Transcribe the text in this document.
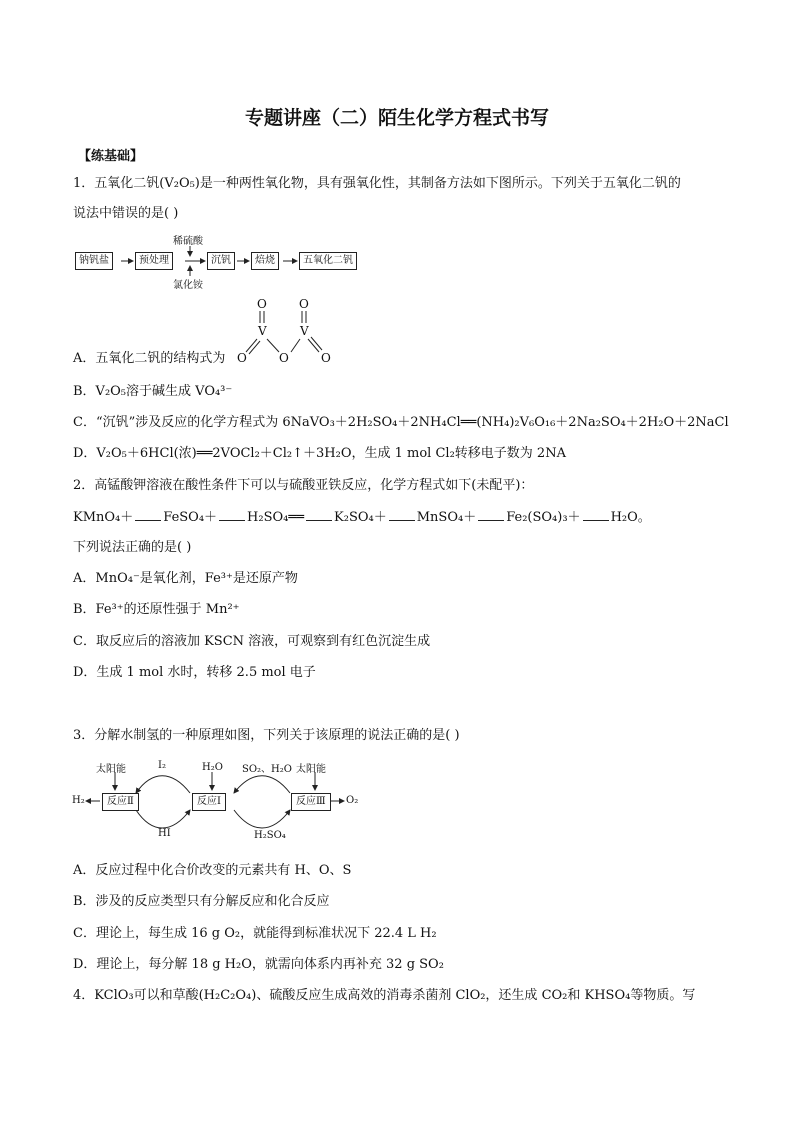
专题讲座（二）陌生化学方程式书写
【练基础】
1．五氧化二钒(V₂O₅)是一种两性氧化物，具有强氧化性，其制备方法如下图所示。下列关于五氧化二钒的
说法中错误的是( )
钠钒盐	预处理	沉钒	焙烧	五氧化二钒
稀硫酸
氯化铵
O	O
V	V
O	O	O
A．五氧化二钒的结构式为
B．V₂O₅溶于碱生成 VO₄³⁻
C．“沉钒”涉及反应的化学方程式为 6NaVO₃＋2H₂SO₄＋2NH₄Cl══(NH₄)₂V₆O₁₆＋2Na₂SO₄＋2H₂O＋2NaCl
D．V₂O₅＋6HCl(浓)══2VOCl₂＋Cl₂↑＋3H₂O，生成 1 mol Cl₂转移电子数为 2NA
2．高锰酸钾溶液在酸性条件下可以与硫酸亚铁反应，化学方程式如下(未配平)：
KMnO₄＋ FeSO₄＋ H₂SO₄══ K₂SO₄＋ MnSO₄＋ Fe₂(SO₄)₃＋ H₂O。
下列说法正确的是( )
A．MnO₄⁻是氧化剂，Fe³⁺是还原产物
B．Fe³⁺的还原性强于 Mn²⁺
C．取反应后的溶液加 KSCN 溶液，可观察到有红色沉淀生成
D．生成 1 mol 水时，转移 2.5 mol 电子
3．分解水制氢的一种原理如图，下列关于该原理的说法正确的是( )
反应Ⅱ	反应Ⅰ	反应Ⅲ
太阳能	太阳能
I₂	H₂O SO₂、H₂O
H₂	O₂
HI	H₂SO₄
A．反应过程中化合价改变的元素共有 H、O、S
B．涉及的反应类型只有分解反应和化合反应
C．理论上，每生成 16 g O₂，就能得到标准状况下 22.4 L H₂
D．理论上，每分解 18 g H₂O，就需向体系内再补充 32 g SO₂
4．KClO₃可以和草酸(H₂C₂O₄)、硫酸反应生成高效的消毒杀菌剂 ClO₂，还生成 CO₂和 KHSO₄等物质。写
